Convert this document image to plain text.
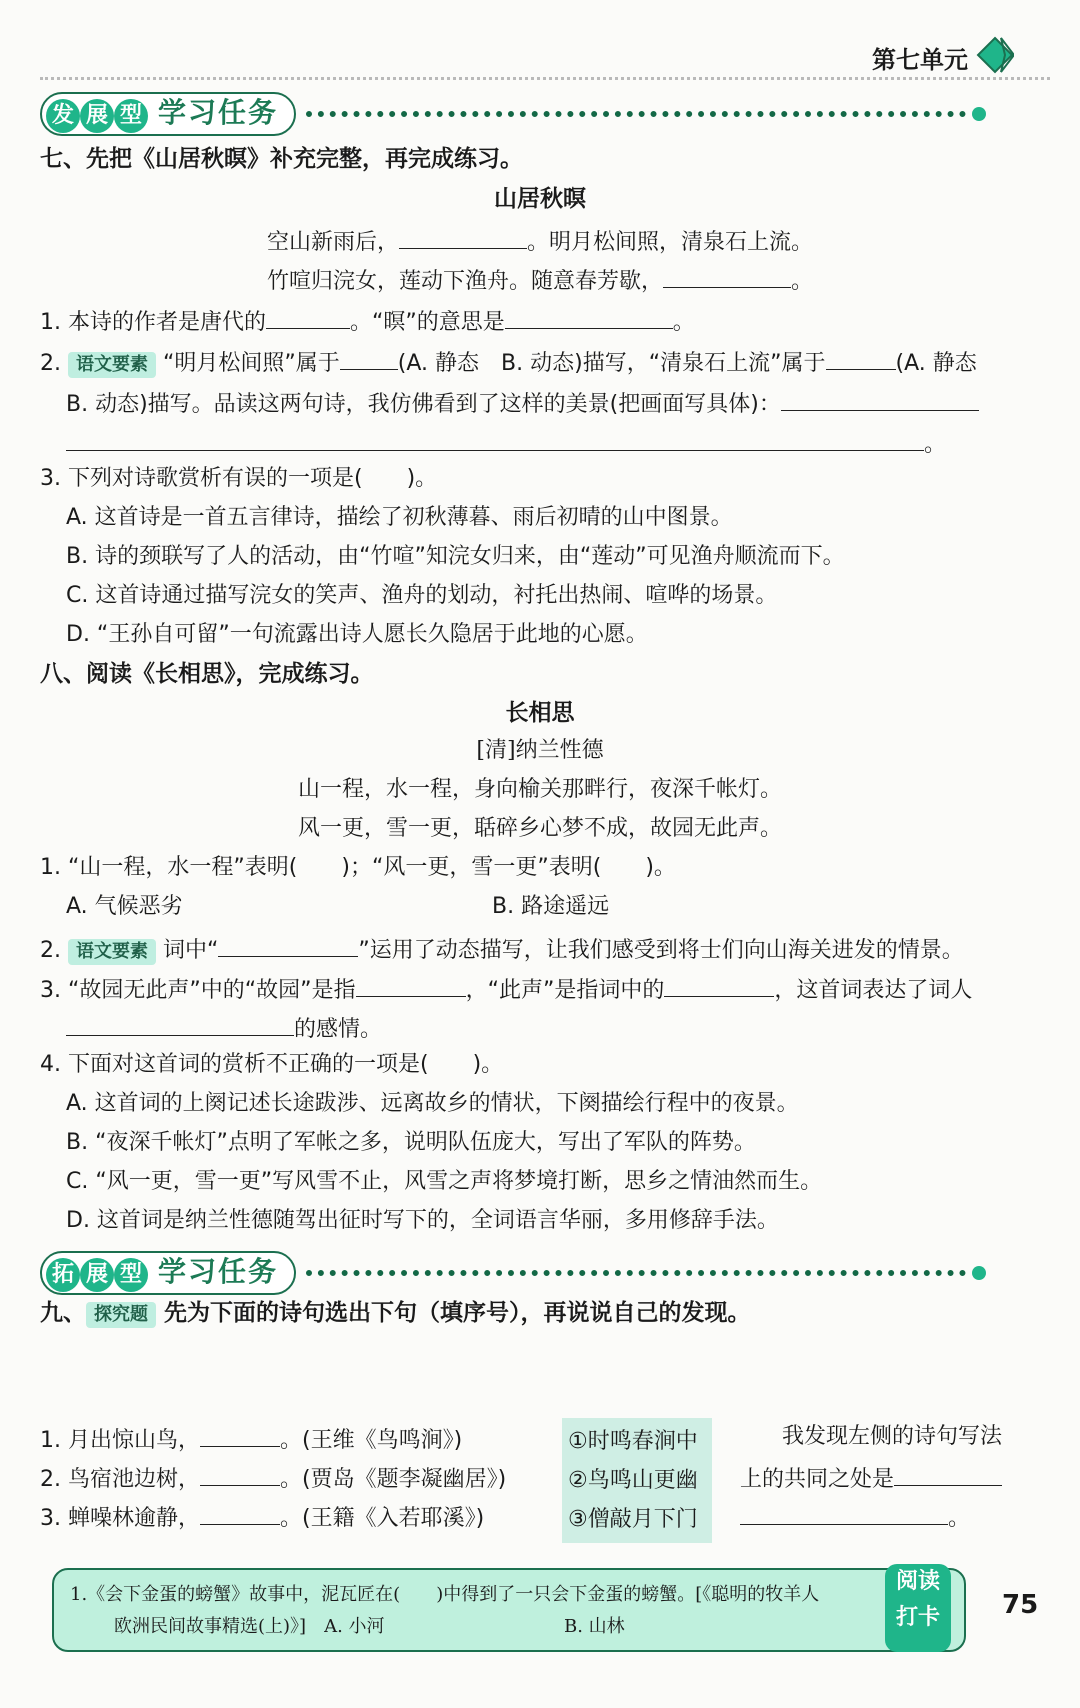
第七单元
发 展 型 学习任务
七、先把《山居秋暝》补充完整，再完成练习。
山居秋暝
空山新雨后，	。明月松间照，清泉石上流。
竹喧归浣女，莲动下渔舟。随意春芳歇，	。
1. 本诗的作者是唐代的	。“暝”的意思是	。
2. 语文要素 “明月松间照”属于	(A. 静态　B. 动态)描写，“清泉石上流”属于	(A. 静态
B. 动态)描写。品读这两句诗，我仿佛看到了这样的美景(把画面写具体)：
。
3. 下列对诗歌赏析有误的一项是(　　)。
A. 这首诗是一首五言律诗，描绘了初秋薄暮、雨后初晴的山中图景。
B. 诗的颈联写了人的活动，由“竹喧”知浣女归来，由“莲动”可见渔舟顺流而下。
C. 这首诗通过描写浣女的笑声、渔舟的划动，衬托出热闹、喧哗的场景。
D. “王孙自可留”一句流露出诗人愿长久隐居于此地的心愿。
八、阅读《长相思》，完成练习。
长相思
[清]纳兰性德
山一程，水一程，身向榆关那畔行，夜深千帐灯。
风一更，雪一更，聒碎乡心梦不成，故园无此声。
1. “山一程，水一程”表明(　　)；“风一更，雪一更”表明(　　)。
A. 气候恶劣	B. 路途遥远
2. 语文要素 词中“	”运用了动态描写，让我们感受到将士们向山海关进发的情景。
3. “故园无此声”中的“故园”是指	，“此声”是指词中的	，这首词表达了词人
的感情。
4. 下面对这首词的赏析不正确的一项是(　　)。
A. 这首词的上阕记述长途跋涉、远离故乡的情状，下阕描绘行程中的夜景。
B. “夜深千帐灯”点明了军帐之多，说明队伍庞大，写出了军队的阵势。
C. “风一更，雪一更”写风雪不止，风雪之声将梦境打断，思乡之情油然而生。
D. 这首词是纳兰性德随驾出征时写下的，全词语言华丽，多用修辞手法。
拓 展 型 学习任务
九、 探究题 先为下面的诗句选出下句（填序号），再说说自己的发现。
1. 月出惊山鸟，	。(王维《鸟鸣涧》)
2. 鸟宿池边树，	。(贾岛《题李凝幽居》)
3. 蝉噪林逾静，	。(王籍《入若耶溪》)
①时鸣春涧中
②鸟鸣山更幽
③僧敲月下门
我发现左侧的诗句写法
上的共同之处是
。
1.《会下金蛋的螃蟹》故事中，泥瓦匠在(　　)中得到了一只会下金蛋的螃蟹。[《聪明的牧羊人
欧洲民间故事精选(上)》]　A. 小河	B. 山林
阅读
打卡	75
